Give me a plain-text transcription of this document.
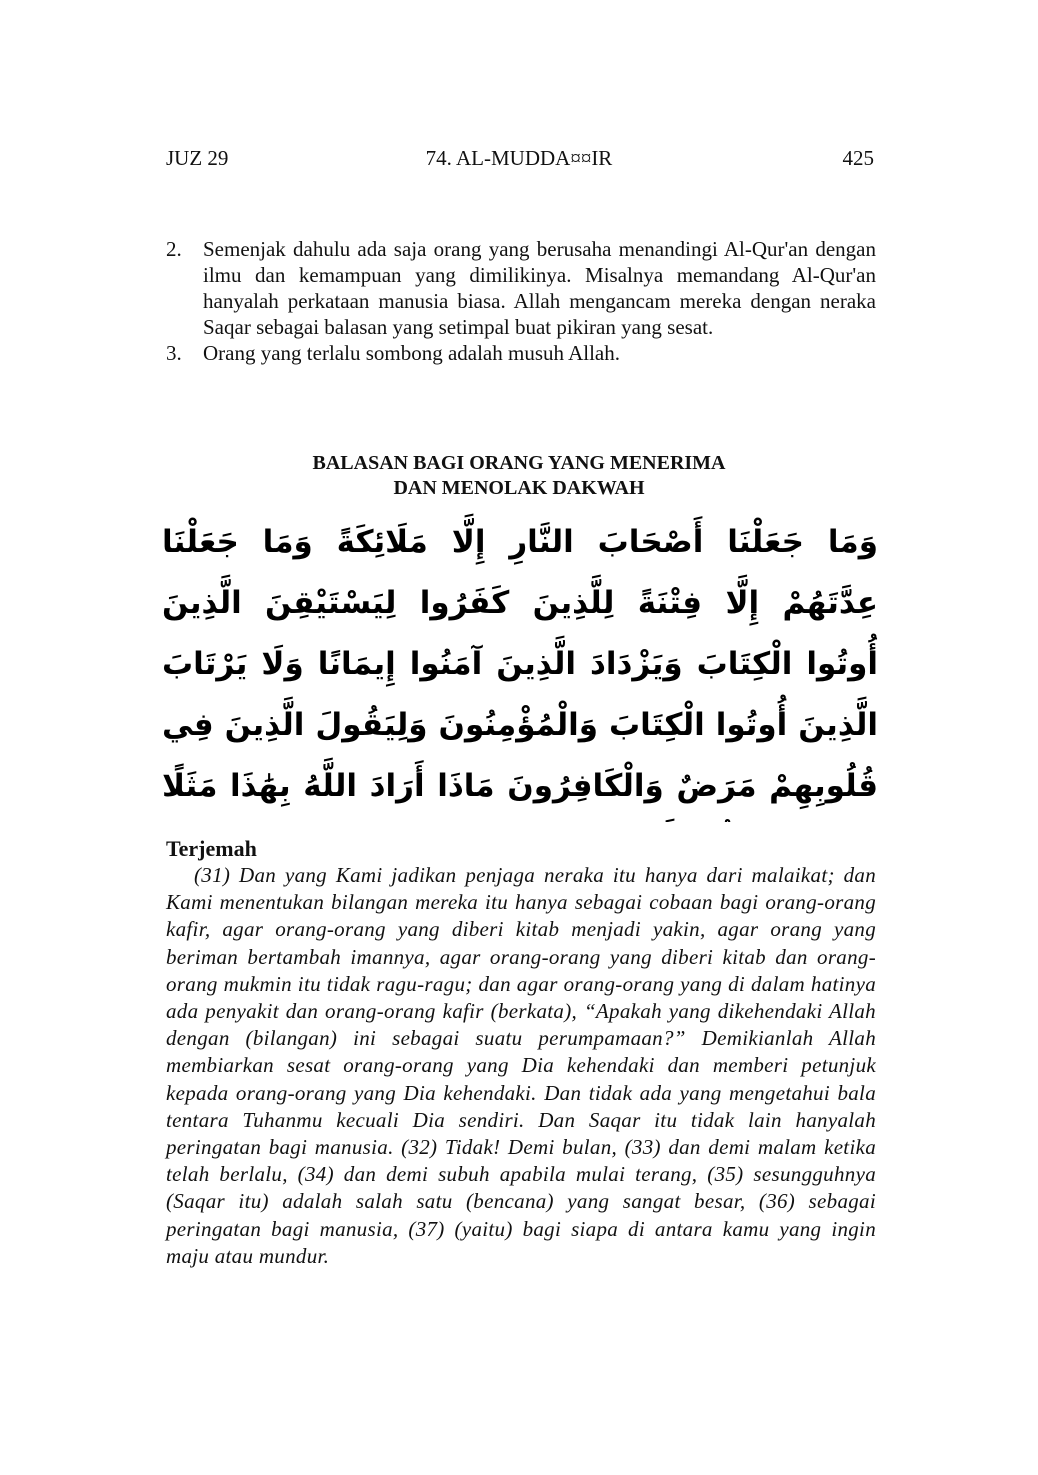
JUZ 29	74. AL-MUDDA¤¤IR	425
2.	Semenjak dahulu ada saja orang yang berusaha menandingi Al-Qur'an dengan ilmu dan kemampuan yang dimilikinya. Misalnya memandang Al-Qur'an hanyalah perkataan manusia biasa. Allah mengancam mereka dengan neraka Saqar sebagai balasan yang setimpal buat pikiran yang sesat.
3.	Orang yang terlalu sombong adalah musuh Allah.
BALASAN BAGI ORANG YANG MENERIMA
DAN MENOLAK DAKWAH
وَمَا جَعَلْنَا أَصْحَابَ النَّارِ إِلَّا مَلَائِكَةً وَمَا جَعَلْنَا عِدَّتَهُمْ إِلَّا فِتْنَةً لِلَّذِينَ كَفَرُوا لِيَسْتَيْقِنَ الَّذِينَ أُوتُوا الْكِتَابَ وَيَزْدَادَ الَّذِينَ آمَنُوا إِيمَانًا وَلَا يَرْتَابَ الَّذِينَ أُوتُوا الْكِتَابَ وَالْمُؤْمِنُونَ وَلِيَقُولَ الَّذِينَ فِي قُلُوبِهِمْ مَرَضٌ وَالْكَافِرُونَ مَاذَا أَرَادَ اللَّهُ بِهَٰذَا مَثَلًا
Terjemah
(31) Dan yang Kami jadikan penjaga neraka itu hanya dari malaikat; dan Kami menentukan bilangan mereka itu hanya sebagai cobaan bagi orang-orang kafir, agar orang-orang yang diberi kitab menjadi yakin, agar orang yang beriman bertambah imannya, agar orang-orang yang diberi kitab dan orang-orang mukmin itu tidak ragu-ragu; dan agar orang-orang yang di dalam hatinya ada penyakit dan orang-orang kafir (berkata), “Apakah yang dikehendaki Allah dengan (bilangan) ini sebagai suatu perumpamaan?” Demikianlah Allah membiarkan sesat orang-orang yang Dia kehendaki dan memberi petunjuk kepada orang-orang yang Dia kehendaki. Dan tidak ada yang mengetahui bala tentara Tuhanmu kecuali Dia sendiri. Dan Saqar itu tidak lain hanyalah peringatan bagi manusia. (32) Tidak! Demi bulan, (33) dan demi malam ketika telah berlalu, (34) dan demi subuh apabila mulai terang, (35) sesungguhnya (Saqar itu) adalah salah satu (bencana) yang sangat besar, (36) sebagai peringatan bagi manusia, (37) (yaitu) bagi siapa di antara kamu yang ingin maju atau mundur.
